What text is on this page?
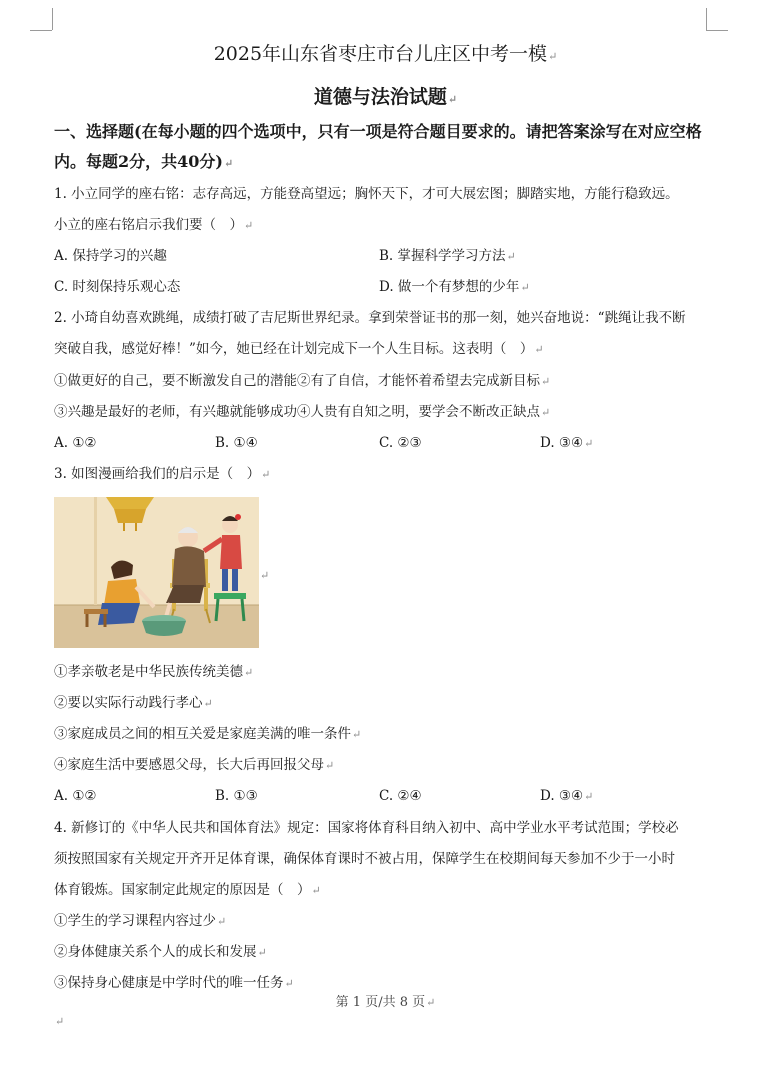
2025年山东省枣庄市台儿庄区中考一模↵
道德与法治试题↵
一、选择题(在每小题的四个选项中，只有一项是符合题目要求的。请把答案涂写在对应空格
内。每题2分，共40分)↵
1. 小立同学的座右铭：志存高远，方能登高望远；胸怀天下，才可大展宏图；脚踏实地，方能行稳致远。
小立的座右铭启示我们要（　）↵
A. 保持学习的兴趣	B. 掌握科学学习方法↵
C. 时刻保持乐观心态	D. 做一个有梦想的少年↵
2. 小琦自幼喜欢跳绳，成绩打破了吉尼斯世界纪录。拿到荣誉证书的那一刻，她兴奋地说：“跳绳让我不断
突破自我，感觉好棒！”如今，她已经在计划完成下一个人生目标。这表明（　）↵
①做更好的自己，要不断激发自己的潜能②有了自信，才能怀着希望去完成新目标↵
③兴趣是最好的老师，有兴趣就能够成功④人贵有自知之明，要学会不断改正缺点↵
A. ①②	B. ①④	C. ②③	D. ③④↵
3. 如图漫画给我们的启示是（　）↵
↵
①孝亲敬老是中华民族传统美德↵
②要以实际行动践行孝心↵
③家庭成员之间的相互关爱是家庭美满的唯一条件↵
④家庭生活中要感恩父母，长大后再回报父母↵
A. ①②	B. ①③	C. ②④	D. ③④↵
4. 新修订的《中华人民共和国体育法》规定：国家将体育科目纳入初中、高中学业水平考试范围；学校必
须按照国家有关规定开齐开足体育课，确保体育课时不被占用，保障学生在校期间每天参加不少于一小时
体育锻炼。国家制定此规定的原因是（　）↵
①学生的学习课程内容过少↵
②身体健康关系个人的成长和发展↵
③保持身心健康是中学时代的唯一任务↵
第 1 页/共 8 页↵
↵
